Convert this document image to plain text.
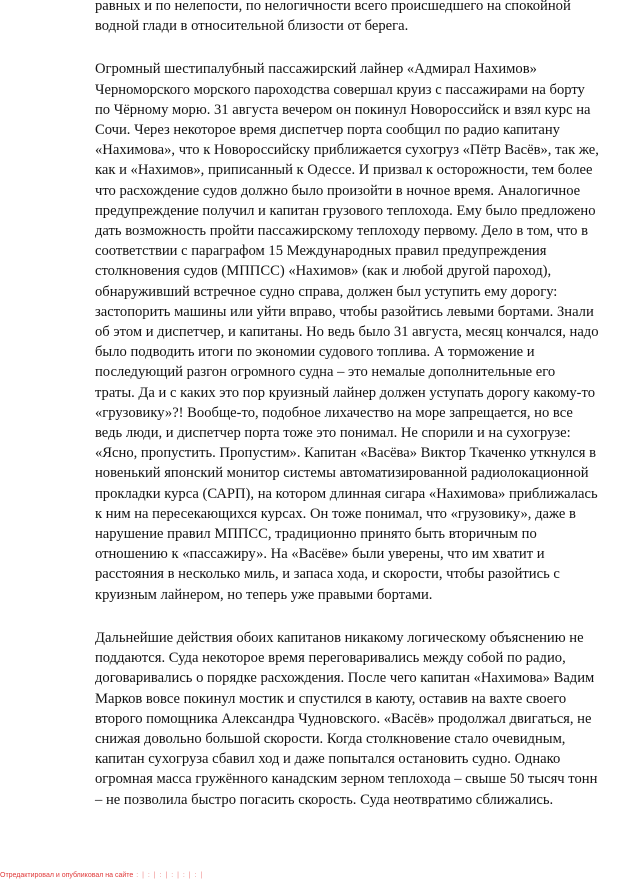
равных и по нелепости, по нелогичности всего происшедшего на спокойной
водной глади в относительной близости от берега.

Огромный шестипалубный пассажирский лайнер «Адмирал Нахимов»
Черноморского морского пароходства совершал круиз с пассажирами на борту
по Чёрному морю. 31 августа вечером он покинул Новороссийск и взял курс на
Сочи. Через некоторое время диспетчер порта сообщил по радио капитану
«Нахимова», что к Новороссийску приближается сухогруз «Пётр Васёв», так же,
как и «Нахимов», приписанный к Одессе. И призвал к осторожности, тем более
что расхождение судов должно было произойти в ночное время. Аналогичное
предупреждение получил и капитан грузового теплохода. Ему было предложено
дать возможность пройти пассажирскому теплоходу первому. Дело в том, что в
соответствии с параграфом 15 Международных правил предупреждения
столкновения судов (МППСС) «Нахимов» (как и любой другой пароход),
обнаруживший встречное судно справа, должен был уступить ему дорогу:
застопорить машины или уйти вправо, чтобы разойтись левыми бортами. Знали
об этом и диспетчер, и капитаны. Но ведь было 31 августа, месяц кончался, надо
было подводить итоги по экономии судового топлива. А торможение и
последующий разгон огромного судна – это немалые дополнительные его
траты. Да и с каких это пор круизный лайнер должен уступать дорогу какому-то
«грузовику»?! Вообще-то, подобное лихачество на море запрещается, но все
ведь люди, и диспетчер порта тоже это понимал. Не спорили и на сухогрузе:
«Ясно, пропустить. Пропустим». Капитан «Васёва» Виктор Ткаченко уткнулся в
новенький японский монитор системы автоматизированной радиолокационной
прокладки курса (САРП), на котором длинная сигара «Нахимова» приближалась
к ним на пересекающихся курсах. Он тоже понимал, что «грузовику», даже в
нарушение правил МППСС, традиционно принято быть вторичным по
отношению к «пассажиру». На «Васёве» были уверены, что им хватит и
расстояния в несколько миль, и запаса хода, и скорости, чтобы разойтись с
круизным лайнером, но теперь уже правыми бортами.

Дальнейшие действия обоих капитанов никакому логическому объяснению не
поддаются. Суда некоторое время переговаривались между собой по радио,
договаривались о порядке расхождения. После чего капитан «Нахимова» Вадим
Марков вовсе покинул мостик и спустился в каюту, оставив на вахте своего
второго помощника Александра Чудновского. «Васёв» продолжал двигаться, не
снижая довольно большой скорости. Когда столкновение стало очевидным,
капитан сухогруза сбавил ход и даже попытался остановить судно. Однако
огромная масса гружённого канадским зерном теплохода – свыше 50 тысяч тонн
– не позволила быстро погасить скорость. Суда неотвратимо сближались.

Отредактировал и опубликовал на сайте : | : | : | : | : | : |
